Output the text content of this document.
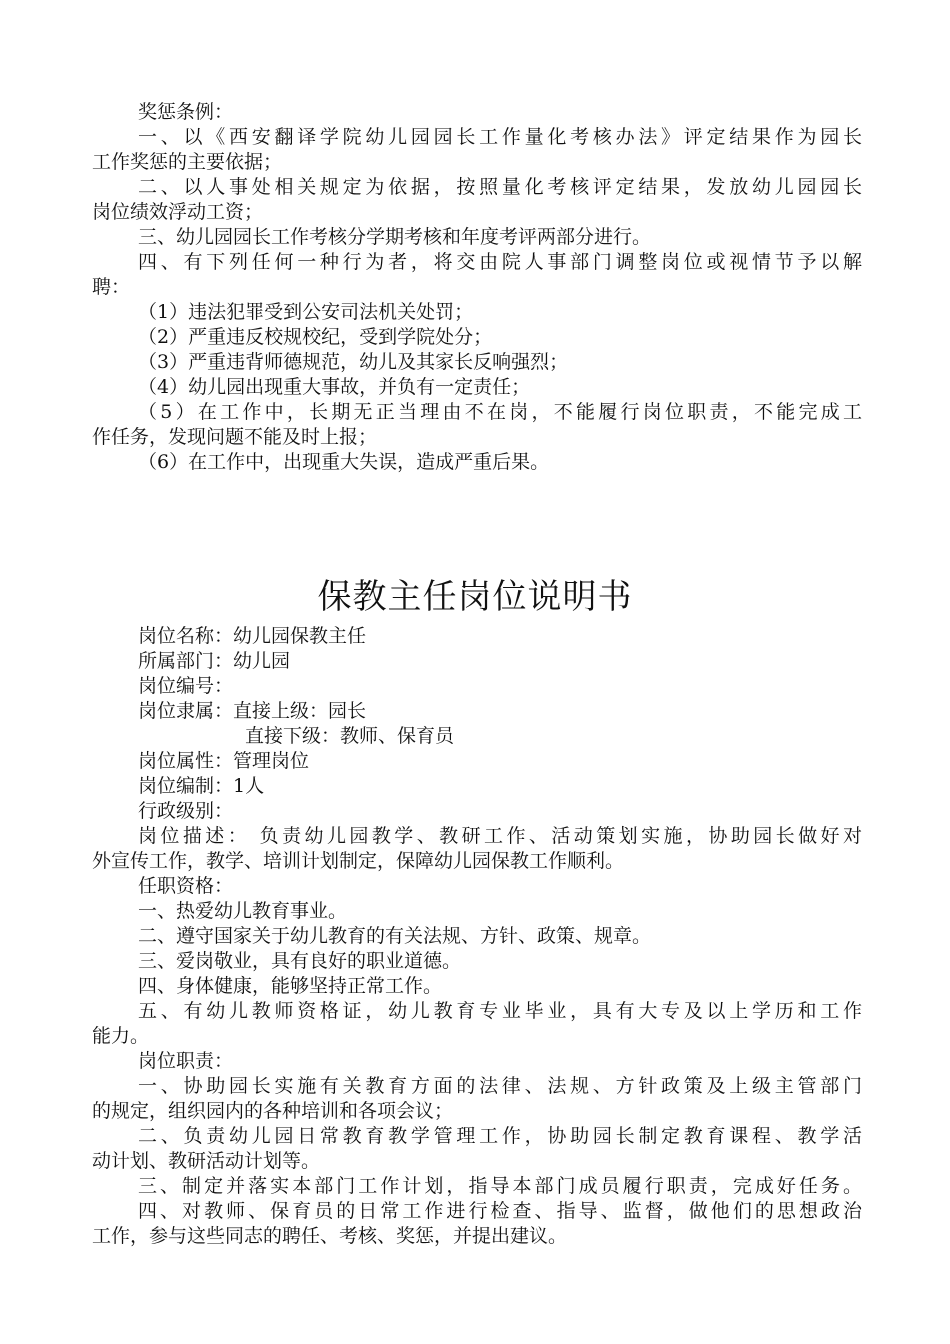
奖惩条例：
一、以《西安翻译学院幼儿园园长工作量化考核办法》评定结果作为园长
工作奖惩的主要依据；
二、以人事处相关规定为依据，按照量化考核评定结果，发放幼儿园园长
岗位绩效浮动工资；
三、幼儿园园长工作考核分学期考核和年度考评两部分进行。
四、有下列任何一种行为者，将交由院人事部门调整岗位或视情节予以解
聘：
（1）违法犯罪受到公安司法机关处罚；
（2）严重违反校规校纪，受到学院处分；
（3）严重违背师德规范，幼儿及其家长反响强烈；
（4）幼儿园出现重大事故，并负有一定责任；
（5）在工作中，长期无正当理由不在岗，不能履行岗位职责，不能完成工
作任务，发现问题不能及时上报；
（6）在工作中，出现重大失误，造成严重后果。
保教主任岗位说明书
岗位名称：幼儿园保教主任
所属部门：幼儿园
岗位编号：
岗位隶属：直接上级：园长
直接下级：教师、保育员
岗位属性：管理岗位
岗位编制：1人
行政级别：
岗位描述： 负责幼儿园教学、教研工作、活动策划实施，协助园长做好对
外宣传工作，教学、培训计划制定，保障幼儿园保教工作顺利。
任职资格：
一、热爱幼儿教育事业。
二、遵守国家关于幼儿教育的有关法规、方针、政策、规章。
三、爱岗敬业，具有良好的职业道德。
四、身体健康，能够坚持正常工作。
五、有幼儿教师资格证，幼儿教育专业毕业，具有大专及以上学历和工作
能力。
岗位职责：
一、协助园长实施有关教育方面的法律、法规、方针政策及上级主管部门
的规定，组织园内的各种培训和各项会议；
二、负责幼儿园日常教育教学管理工作，协助园长制定教育课程、教学活
动计划、教研活动计划等。
三、制定并落实本部门工作计划，指导本部门成员履行职责，完成好任务。
四、对教师、保育员的日常工作进行检查、指导、监督，做他们的思想政治
工作，参与这些同志的聘任、考核、奖惩，并提出建议。
